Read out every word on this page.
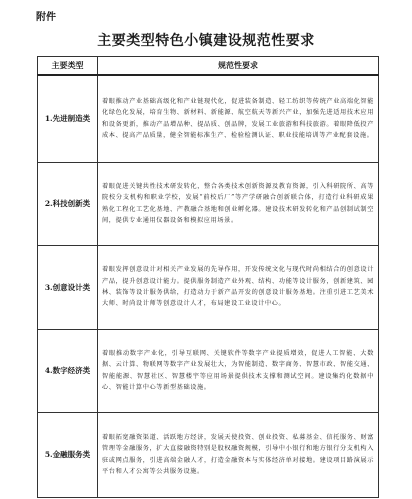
附件
主要类型特色小镇建设规范性要求
主要类型	规范性要求
1.先进制造类	着眼推动产业基础高级化和产业链现代化，促进装备制造、轻工纺织等传统产业高端化智能化绿色化发展，培育生物、新材料、新能源、航空航天等新兴产业，加强先进适用技术应用和设备更新，推动产品增品种、提品质、创品牌，发展工业旅游和科技旅游。着眼降低投产成本、提高产品质量，健全智能标准生产、检验检测认证、职业技能培训等产业配套设施。
2.科技创新类	着眼促进关键共性技术研发转化，整合各类技术创新资源及教育资源，引入科研院所、高等院校分支机构和职业学校，发展“前校后厂”等产学研融合创新联合体，打造行业科研成果熟化工程化工艺化基地、产教融合基地和创业孵化器。建设技术研发转化和产品创制试制空间，提供专业通用仪器设备和模拟应用场景。
3.创意设计类	着眼发挥创意设计对相关产业发展的先导作用，开发传统文化与现代时尚相结合的创意设计产品，提升创意设计能力。提供服务制造产业外观、结构、功能等设计服务，创新建筑、园林、装饰等设计服务供给，打造动力于新产品开发的创意设计服务基地。注重引进工艺美术大师、时尚设计师等创意设计人才，布局建设工业设计中心。
4.数字经济类	着眼推动数字产业化，引导互联网、关键软件等数字产业提质增效，促进人工智能、大数据、云计算、物联网等数字产业发展壮大，为智能制造、数字商务、智慧市政、智能交通、智能能源、智慧社区、智慧楼宇等应用场景提供技术支撑和测试空间。建设集约化数据中心、智能计算中心等新型基础设施。
5.金融服务类	着眼拓宽融资渠道、活跃地方经济，发展天使投资、创业投资、私募基金、信托服务、财富管理等金融服务，扩大直接融资特别是股权融资规模，引导中小银行和地方银行分支机构入驻或网点服务，引进高端金融人才，打造金融资本与实体经济单对接地。建设项目路演展示平台和人才公寓等公共服务设施。
